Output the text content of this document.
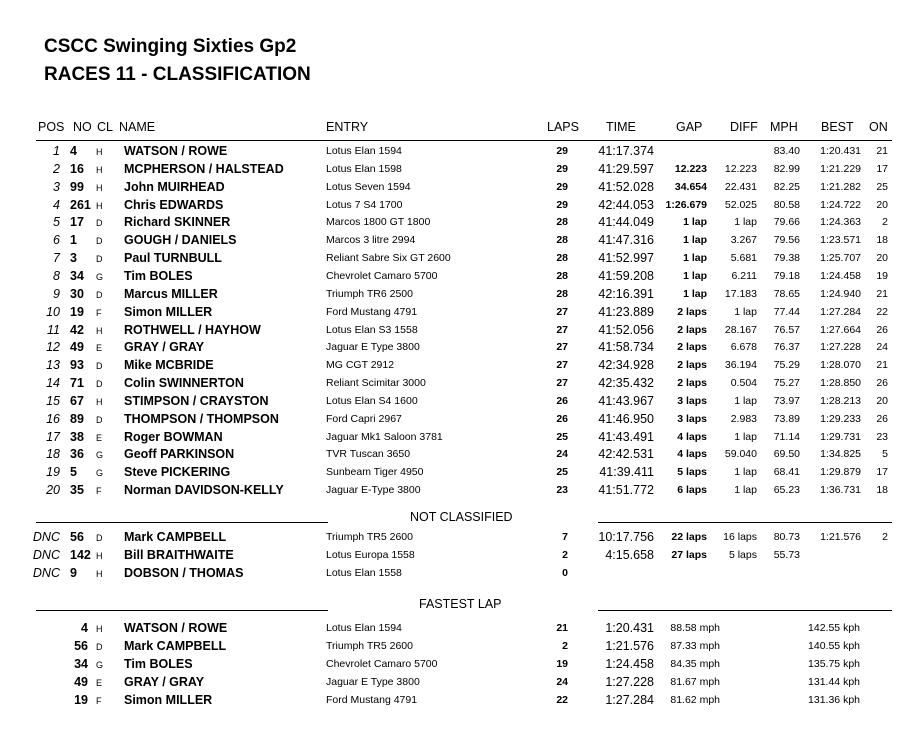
CSCC Swinging Sixties Gp2
RACES 11 - CLASSIFICATION
POS NO CL NAME	ENTRY	LAPS TIME	GAP DIFF MPH BEST ON
1 4 H WATSON / ROWE	Lotus Elan 1594	29 41:17.374	83.40 1:20.431 21
2 16 H MCPHERSON / HALSTEAD	Lotus Elan 1598	29 41:29.597 12.223 12.223 82.99 1:21.229 17
3 99 H John MUIRHEAD	Lotus Seven 1594	29 41:52.028 34.654 22.431 82.25 1:21.282 25
4 261 H Chris EDWARDS	Lotus 7 S4 1700	29 42:44.053 1:26.679 52.025 80.58 1:24.722 20
5 17 D Richard SKINNER	Marcos 1800 GT 1800	28 41:44.049	1 lap	1 lap 79.66 1:24.363 2
6 1 D GOUGH / DANIELS	Marcos 3 litre 2994	28 41:47.316	1 lap 3.267 79.56 1:23.571 18
7 3 D Paul TURNBULL	Reliant Sabre Six GT 2600	28 41:52.997	1 lap 5.681 79.38 1:25.707 20
8 34 G Tim BOLES	Chevrolet Camaro 5700	28 41:59.208	1 lap 6.211 79.18 1:24.458 19
9 30 D Marcus MILLER	Triumph TR6 2500	28 42:16.391	1 lap 17.183 78.65 1:24.940 21
10 19 F Simon MILLER	Ford Mustang 4791	27 41:23.889 2 laps	1 lap 77.44 1:27.284 22
11 42 H ROTHWELL / HAYHOW	Lotus Elan S3 1558	27 41:52.056 2 laps 28.167 76.57 1:27.664 26
12 49 E GRAY / GRAY	Jaguar E Type 3800	27 41:58.734 2 laps 6.678 76.37 1:27.228 24
13 93 D Mike MCBRIDE	MG CGT 2912	27 42:34.928 2 laps 36.194 75.29 1:28.070 21
14 71 D Colin SWINNERTON	Reliant Scimitar 3000	27 42:35.432 2 laps 0.504 75.27 1:28.850 26
15 67 H STIMPSON / CRAYSTON	Lotus Elan S4 1600	26 41:43.967 3 laps	1 lap 73.97 1:28.213 20
16 89 D THOMPSON / THOMPSON	Ford Capri 2967	26 41:46.950 3 laps 2.983 73.89 1:29.233 26
17 38 E Roger BOWMAN	Jaguar Mk1 Saloon 3781	25 41:43.491 4 laps	1 lap 71.14 1:29.731 23
18 36 G Geoff PARKINSON	TVR Tuscan 3650	24 42:42.531 4 laps 59.040 69.50 1:34.825 5
19 5 G Steve PICKERING	Sunbeam Tiger 4950	25	41:39.411 5 laps	1 lap 68.41 1:29.879 17
20 35 F Norman DAVIDSON-KELLY	Jaguar E-Type 3800	23 41:51.772 6 laps	1 lap 65.23 1:36.731 18
NOT CLASSIFIED
DNC 56 D Mark CAMPBELL	Triumph TR5 2600	7 10:17.756 22 laps 16 laps 80.73 1:21.576 2
DNC 142 H Bill BRAITHWAITE	Lotus Europa 1558	2	4:15.658 27 laps 5 laps 55.73
DNC 9 H DOBSON / THOMAS	Lotus Elan 1558	0
FASTEST LAP
4 H WATSON / ROWE	Lotus Elan 1594	21	1:20.431 88.58 mph	142.55 kph
56 D Mark CAMPBELL	Triumph TR5 2600	2	1:21.576 87.33 mph	140.55 kph
34 G Tim BOLES	Chevrolet Camaro 5700	19	1:24.458 84.35 mph	135.75 kph
49 E GRAY / GRAY	Jaguar E Type 3800	24	1:27.228 81.67 mph	131.44 kph
19 F Simon MILLER	Ford Mustang 4791	22	1:27.284 81.62 mph	131.36 kph
